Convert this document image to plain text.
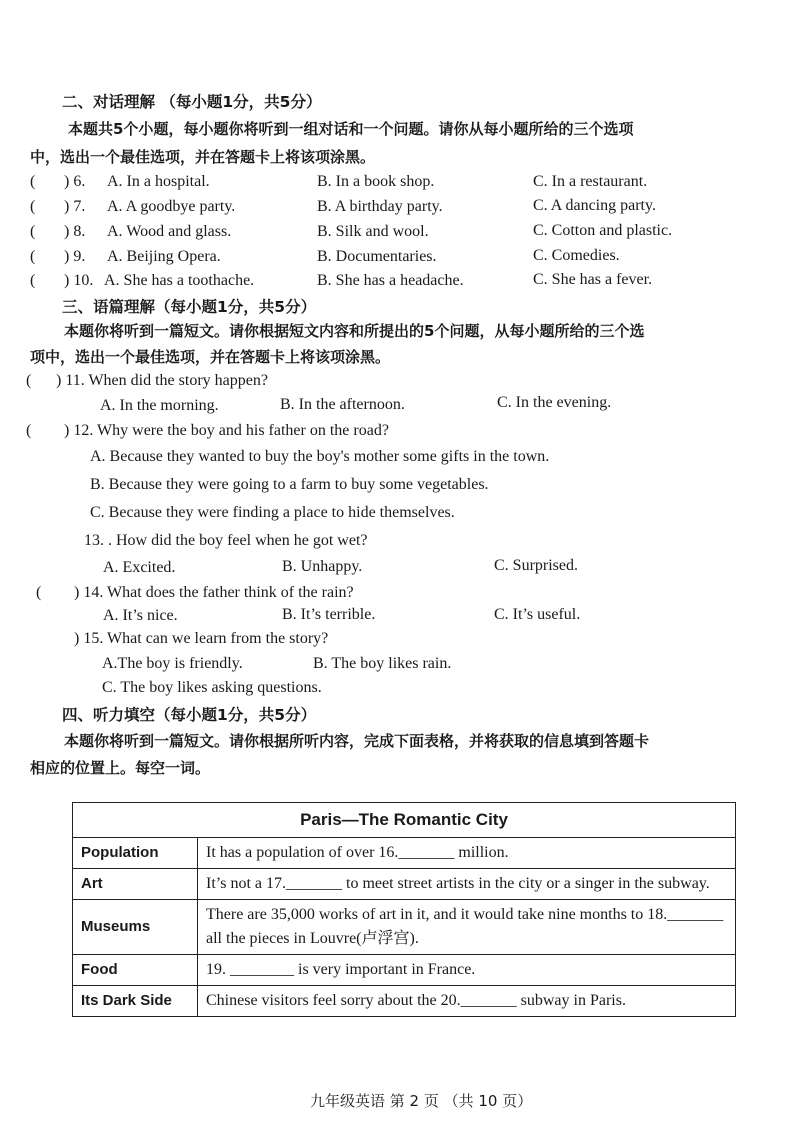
二、对话理解 （每小题1分，共5分）
本题共5个小题，每小题你将听到一组对话和一个问题。请你从每小题所给的三个选项
中，选出一个最佳选项，并在答题卡上将该项涂黑。
( ) 6. A. In a hospital.	B. In a book shop.	C. In a restaurant.
( ) 7. A. A goodbye party.	B. A birthday party.	C. A dancing party.
( ) 8. A. Wood and glass.	B. Silk and wool.	C. Cotton and plastic.
( ) 9. A. Beijing Opera.	B. Documentaries.	C. Comedies.
( ) 10. A. She has a toothache.	B. She has a headache.	C. She has a fever.
三、语篇理解（每小题1分，共5分）
本题你将听到一篇短文。请你根据短文内容和所提出的5个问题，从每小题所给的三个选
项中，选出一个最佳选项，并在答题卡上将该项涂黑。
( ) 11. When did the story happen?
A. In the morning.	B. In the afternoon.	C. In the evening.
( ) 12. Why were the boy and his father on the road?
A. Because they wanted to buy the boy's mother some gifts in the town.
B. Because they were going to a farm to buy some vegetables.
C. Because they were finding a place to hide themselves.
13. . How did the boy feel when he got wet?
A. Excited.	B. Unhappy.	C. Surprised.
( ) 14. What does the father think of the rain?
A. It’s nice.	B. It’s terrible.	C. It’s useful.
) 15. What can we learn from the story?
A.The boy is friendly.	B. The boy likes rain.
C. The boy likes asking questions.
四、听力填空（每小题1分，共5分）
本题你将听到一篇短文。请你根据所听内容，完成下面表格，并将获取的信息填到答题卡
相应的位置上。每空一词。
Paris—The Romantic City	
Population	It has a population of over 16._______ million.
Art	It’s not a 17._______ to meet street artists in the city or a singer in the subway.
Museums	There are 35,000 works of art in it, and it would take nine months to 18._______ all the pieces in Louvre(卢浮宫).
Food	19. ________ is very important in France.
Its Dark Side	Chinese visitors feel sorry about the 20._______ subway in Paris.
九年级英语 第 2 页 （共 10 页）
